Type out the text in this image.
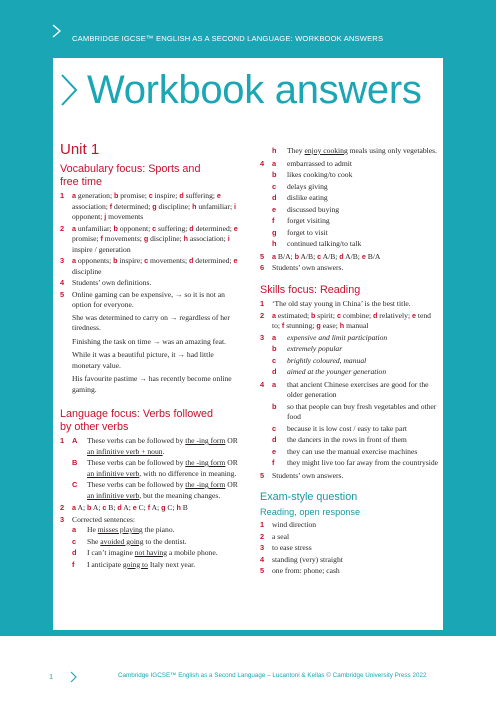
CAMBRIDGE IGCSE™ ENGLISH AS A SECOND LANGUAGE: WORKBOOK ANSWERS
Workbook answers
Unit 1
Vocabulary focus: Sports and
free time
1	a generation; b promise; c inspire; d suffering; e association; f determined; g discipline; h unfamiliar; i opponent; j movements
2	a unfamiliar; b opponent; c suffering; d determined; e promise; f movements; g discipline; h association; i inspire / generation
3	a opponents; b inspire; c movements; d determined; e discipline
4	Students’ own definitions.
5	Online gaming can be expensive, → so it is not an option for everyone.
She was determined to carry on → regardless of her tiredness.
Finishing the task on time → was an amazing feat.
While it was a beautiful picture, it → had little monetary value.
His favourite pastime → has recently become online gaming.
Language focus: Verbs followed
by other verbs
1	A	These verbs can be followed by the -ing form OR an infinitive verb + noun.
B	These verbs can be followed by the -ing form OR an infinitive verb, with no difference in meaning.
C	These verbs can be followed by the -ing form OR an infinitive verb, but the meaning changes.
2	a A; b A; c B; d A; e C; f A; g C; h B
3	Corrected sentences:
a	He misses playing the piano.
c	She avoided going to the dentist.
d	I can’t imagine not having a mobile phone.
f	I anticipate going to Italy next year.
h	They enjoy cooking meals using only vegetables.
4	a	embarrassed to admit
b	likes cooking/to cook
c	delays giving
d	dislike eating
e	discussed buying
f	forget visiting
g	forget to visit
h	continued talking/to talk
5	a B/A; b A/B; c A/B; d A/B; e B/A
6	Students’ own answers.
Skills focus: Reading
1	‘The old stay young in China’ is the best title.
2	a estimated; b spirit; c combine; d relatively; e tend to; f stunning; g ease; h manual
3	a	expensive and limit participation
b	extremely popular
c	brightly coloured, manual
d	aimed at the younger generation
4	a	that ancient Chinese exercises are good for the older generation
b	so that people can buy fresh vegetables and other food
c	because it is low cost / easy to take part
d	the dancers in the rows in front of them
e	they can use the manual exercise machines
f	they might live too far away from the countryside
5	Students’ own answers.
Exam-style question
Reading, open response
1	wind direction
2	a seal
3	to ease stress
4	standing (very) straight
5	one from: phone; cash
1	Cambridge IGCSE™ English as a Second Language – Lucantoni & Kellas © Cambridge University Press 2022
